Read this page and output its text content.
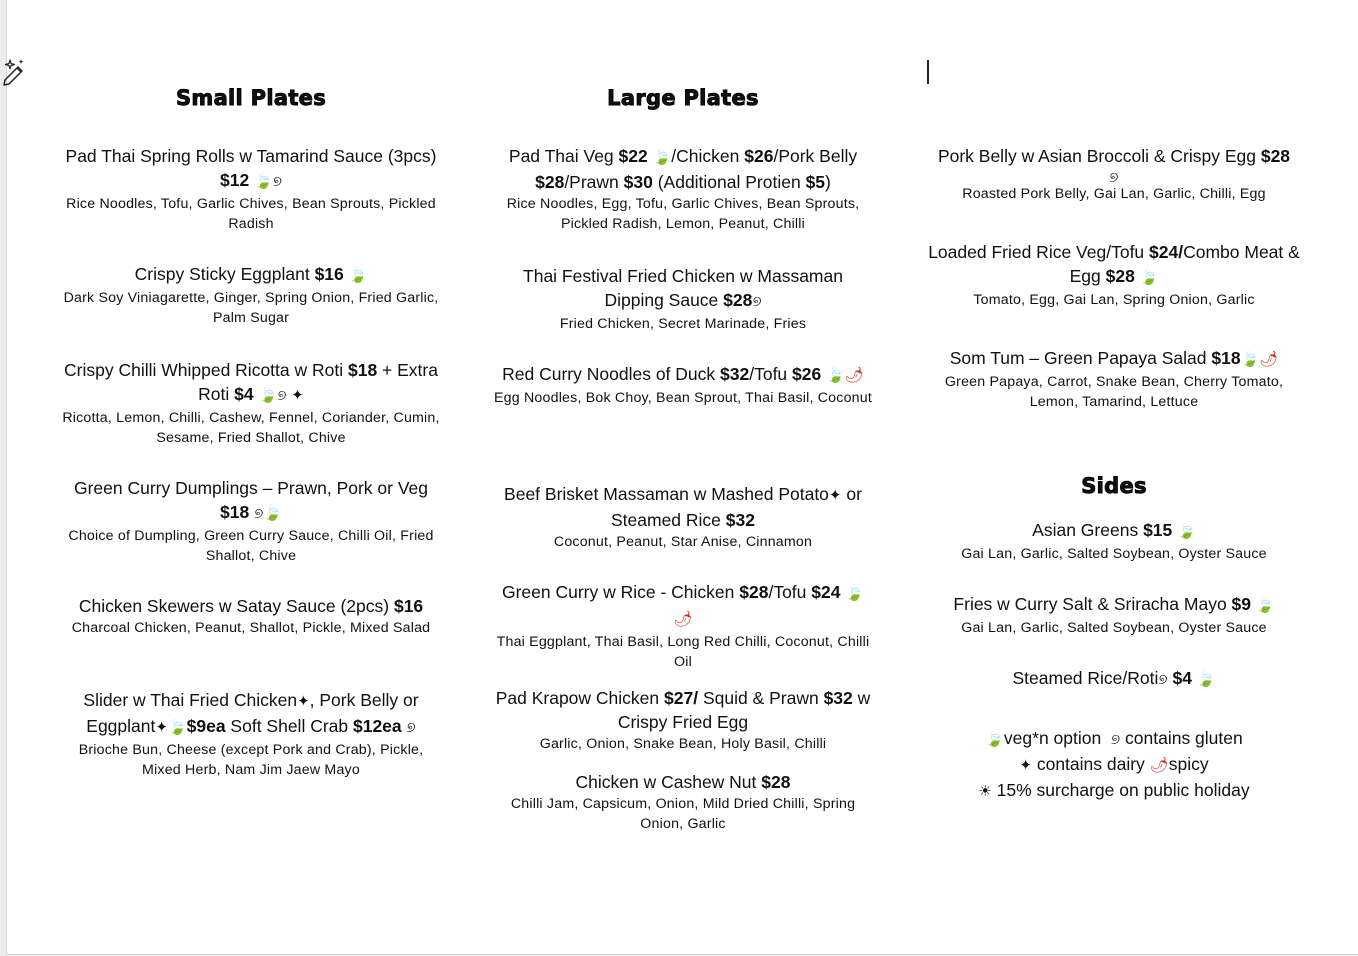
Small Plates
Pad Thai Spring Rolls w Tamarind Sauce (3pcs) $12 🍃୭
Rice Noodles, Tofu, Garlic Chives, Bean Sprouts, Pickled Radish
Crispy Sticky Eggplant $16 🍃
Dark Soy Viniagarette, Ginger, Spring Onion, Fried Garlic, Palm Sugar
Crispy Chilli Whipped Ricotta w Roti $18 + Extra Roti $4 🍃୭ ✦
Ricotta, Lemon, Chilli, Cashew, Fennel, Coriander, Cumin, Sesame, Fried Shallot, Chive
Green Curry Dumplings – Prawn, Pork or Veg $18 ୭🍃
Choice of Dumpling, Green Curry Sauce, Chilli Oil, Fried Shallot, Chive
Chicken Skewers w Satay Sauce (2pcs) $16
Charcoal Chicken, Peanut, Shallot, Pickle, Mixed Salad
Slider w Thai Fried Chicken✦, Pork Belly or Eggplant✦🍃$9ea Soft Shell Crab $12ea ୭
Brioche Bun, Cheese (except Pork and Crab), Pickle, Mixed Herb, Nam Jim Jaew Mayo
Large Plates
Pad Thai Veg $22 🍃/Chicken $26/Pork Belly $28/Prawn $30 (Additional Protien $5)
Rice Noodles, Egg, Tofu, Garlic Chives, Bean Sprouts, Pickled Radish, Lemon, Peanut, Chilli
Thai Festival Fried Chicken w Massaman Dipping Sauce $28୭
Fried Chicken, Secret Marinade, Fries
Red Curry Noodles of Duck $32/Tofu $26 🍃🌶
Egg Noodles, Bok Choy, Bean Sprout, Thai Basil, Coconut
Beef Brisket Massaman w Mashed Potato✦ or Steamed Rice $32
Coconut, Peanut, Star Anise, Cinnamon
Green Curry w Rice - Chicken $28/Tofu $24 🍃🌶
Thai Eggplant, Thai Basil, Long Red Chilli, Coconut, Chilli Oil
Pad Krapow Chicken $27/ Squid & Prawn $32 w Crispy Fried Egg
Garlic, Onion, Snake Bean, Holy Basil, Chilli
Chicken w Cashew Nut $28
Chilli Jam, Capsicum, Onion, Mild Dried Chilli, Spring Onion, Garlic
Pork Belly w Asian Broccoli & Crispy Egg $28
୭
Roasted Pork Belly, Gai Lan, Garlic, Chilli, Egg
Loaded Fried Rice Veg/Tofu $24/Combo Meat & Egg $28 🍃
Tomato, Egg, Gai Lan, Spring Onion, Garlic
Som Tum – Green Papaya Salad $18🍃🌶
Green Papaya, Carrot, Snake Bean, Cherry Tomato, Lemon, Tamarind, Lettuce
Sides
Asian Greens $15 🍃
Gai Lan, Garlic, Salted Soybean, Oyster Sauce
Fries w Curry Salt & Sriracha Mayo $9 🍃
Gai Lan, Garlic, Salted Soybean, Oyster Sauce
Steamed Rice/Roti୭ $4 🍃
🍃veg*n option ୭ contains gluten
✦ contains dairy 🌶spicy
☀ 15% surcharge on public holiday
